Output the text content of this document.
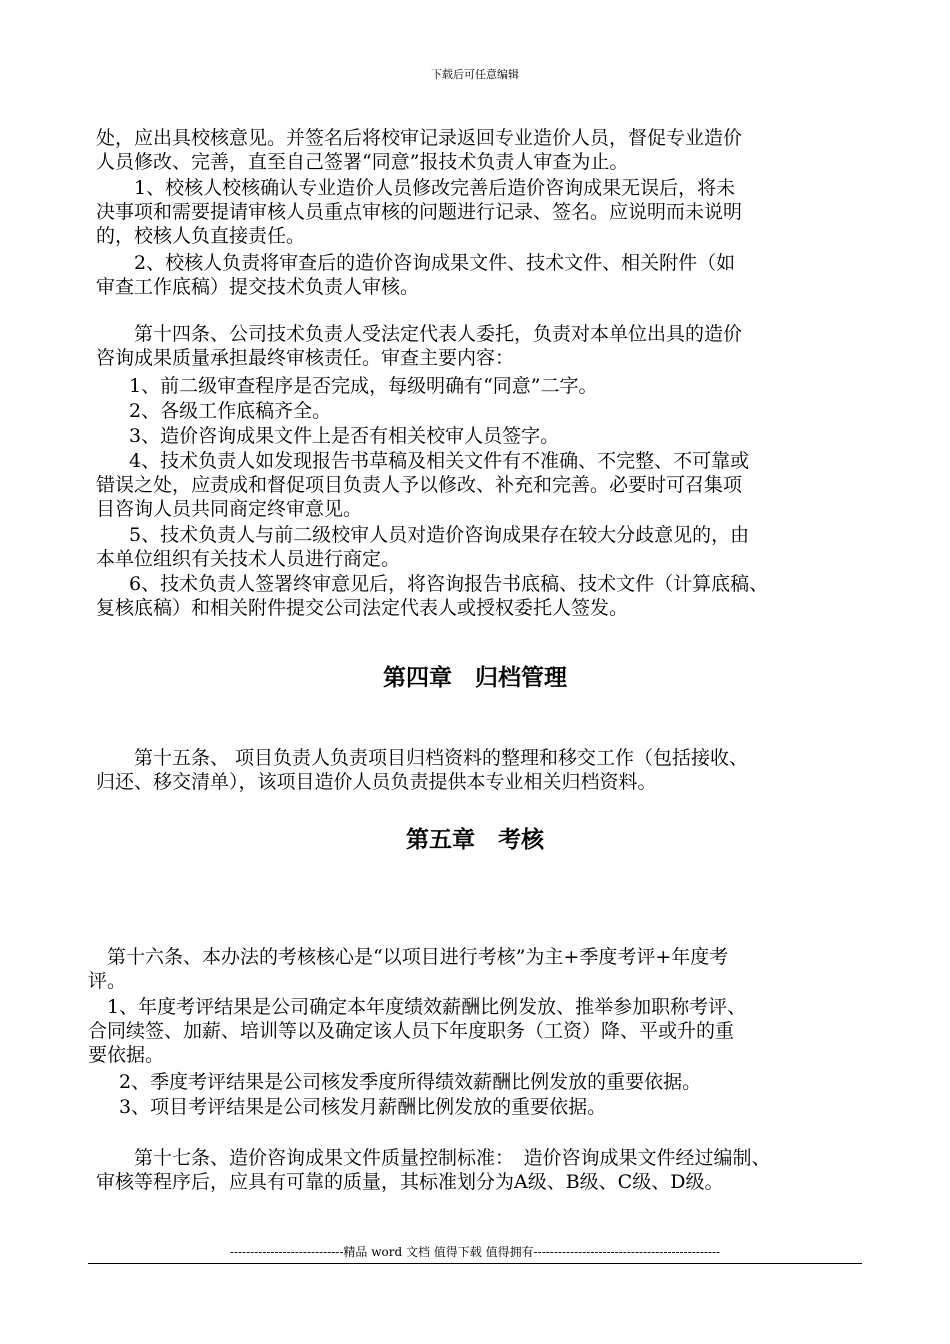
下载后可任意编辑
处，应出具校核意见。并签名后将校审记录返回专业造价人员，督促专业造价
人员修改、完善，直至自己签署“同意”报技术负责人审查为止。
　　1、校核人校核确认专业造价人员修改完善后造价咨询成果无误后，将未
决事项和需要提请审核人员重点审核的问题进行记录、签名。应说明而未说明
的，校核人负直接责任。
　　2、校核人负责将审查后的造价咨询成果文件、技术文件、相关附件（如
审查工作底稿）提交技术负责人审核。
　　第十四条、公司技术负责人受法定代表人委托，负责对本单位出具的造价
咨询成果质量承担最终审核责任。审查主要内容：
　1、前二级审查程序是否完成，每级明确有“同意”二字。
　2、各级工作底稿齐全。
　3、造价咨询成果文件上是否有相关校审人员签字。
　4、技术负责人如发现报告书草稿及相关文件有不准确、不完整、不可靠或
错误之处，应责成和督促项目负责人予以修改、补充和完善。必要时可召集项
目咨询人员共同商定终审意见。
　5、技术负责人与前二级校审人员对造价咨询成果存在较大分歧意见的，由
本单位组织有关技术人员进行商定。
　6、技术负责人签署终审意见后，将咨询报告书底稿、技术文件（计算底稿、
复核底稿）和相关附件提交公司法定代表人或授权委托人签发。
第四章　归档管理
　　第十五条、 项目负责人负责项目归档资料的整理和移交工作（包括接收、
归还、移交清单），该项目造价人员负责提供本专业相关归档资料。
第五章　考核
　第十六条、本办法的考核核心是“以项目进行考核”为主+季度考评+年度考
评。
　1、年度考评结果是公司确定本年度绩效薪酬比例发放、推举参加职称考评、
合同续签、加薪、培训等以及确定该人员下年度职务（工资）降、平或升的重
要依据。
　2、季度考评结果是公司核发季度所得绩效薪酬比例发放的重要依据。
　3、项目考评结果是公司核发月薪酬比例发放的重要依据。
　　第十七条、造价咨询成果文件质量控制标准：　造价咨询成果文件经过编制、
审核等程序后，应具有可靠的质量，其标准划分为A级、B级、C级、D级。
----------------------------精品 word 文档 值得下载 值得拥有----------------------------------------------
